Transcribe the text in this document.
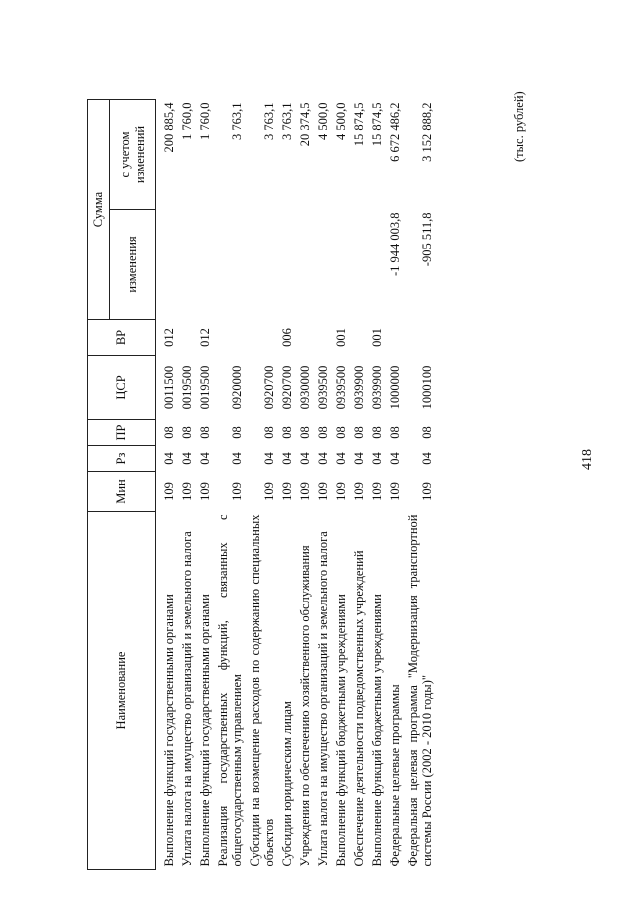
418
(тыс. рублей)
Наименование	Мин	Рз	ПР	ЦСР	ВР	Сумма	
						изменения	с учетом изменений
Выполнение функций государственными органами	109	04	08	0011500	012		200 885,4
Уплата налога на имущество организаций и земельного налога	109	04	08	0019500			1 760,0
Выполнение функций государственными органами	109	04	08	0019500	012		1 760,0
Реализация государственных функций, связанных с общегосударственным управлением	109	04	08	0920000			3 763,1
Субсидии на возмещение расходов по содержанию специальных объектов	109	04	08	0920700			3 763,1
Субсидии юридическим лицам	109	04	08	0920700	006		3 763,1
Учреждения по обеспечению хозяйственного обслуживания	109	04	08	0930000			20 374,5
Уплата налога на имущество организаций и земельного налога	109	04	08	0939500			4 500,0
Выполнение функций бюджетными учреждениями	109	04	08	0939500	001		4 500,0
Обеспечение деятельности подведомственных учреждений	109	04	08	0939900			15 874,5
Выполнение функций бюджетными учреждениями	109	04	08	0939900	001		15 874,5
Федеральные целевые программы	109	04	08	1000000		-1 944 003,8	6 672 486,2
Федеральная целевая программа "Модернизация транспортной системы России (2002 - 2010 годы)"	109	04	08	1000100		-905 511,8	3 152 888,2
